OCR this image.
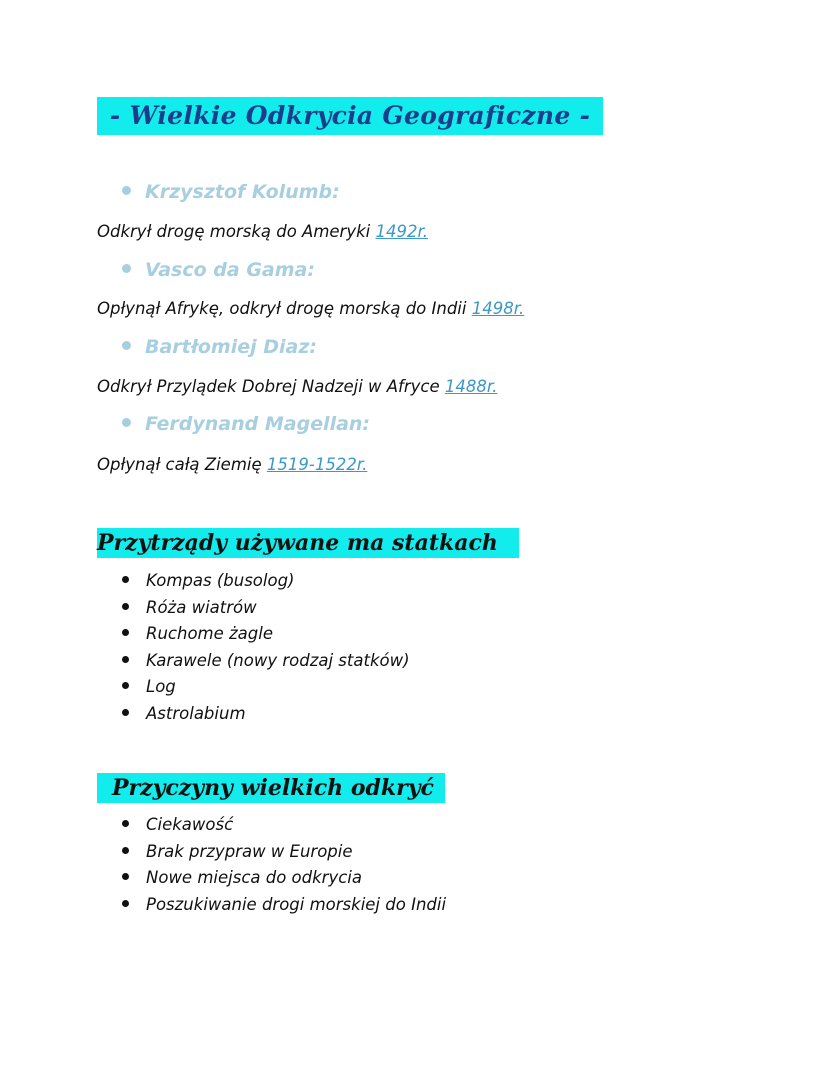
- Wielkie Odkrycia Geograficzne -
Krzysztof Kolumb:
Odkrył drogę morską do Ameryki 1492r.
Vasco da Gama:
Opłynął Afrykę, odkrył drogę morską do Indii 1498r.
Bartłomiej Diaz:
Odkrył Przylądek Dobrej Nadzeji w Afryce 1488r.
Ferdynand Magellan:
Opłynął całą Ziemię 1519-1522r.
Przytrządy używane ma statkach
Kompas (busolog)
Róża wiatrów
Ruchome żagle
Karawele (nowy rodzaj statków)
Log
Astrolabium
Przyczyny wielkich odkryć
Ciekawość
Brak przypraw w Europie
Nowe miejsca do odkrycia
Poszukiwanie drogi morskiej do Indii
